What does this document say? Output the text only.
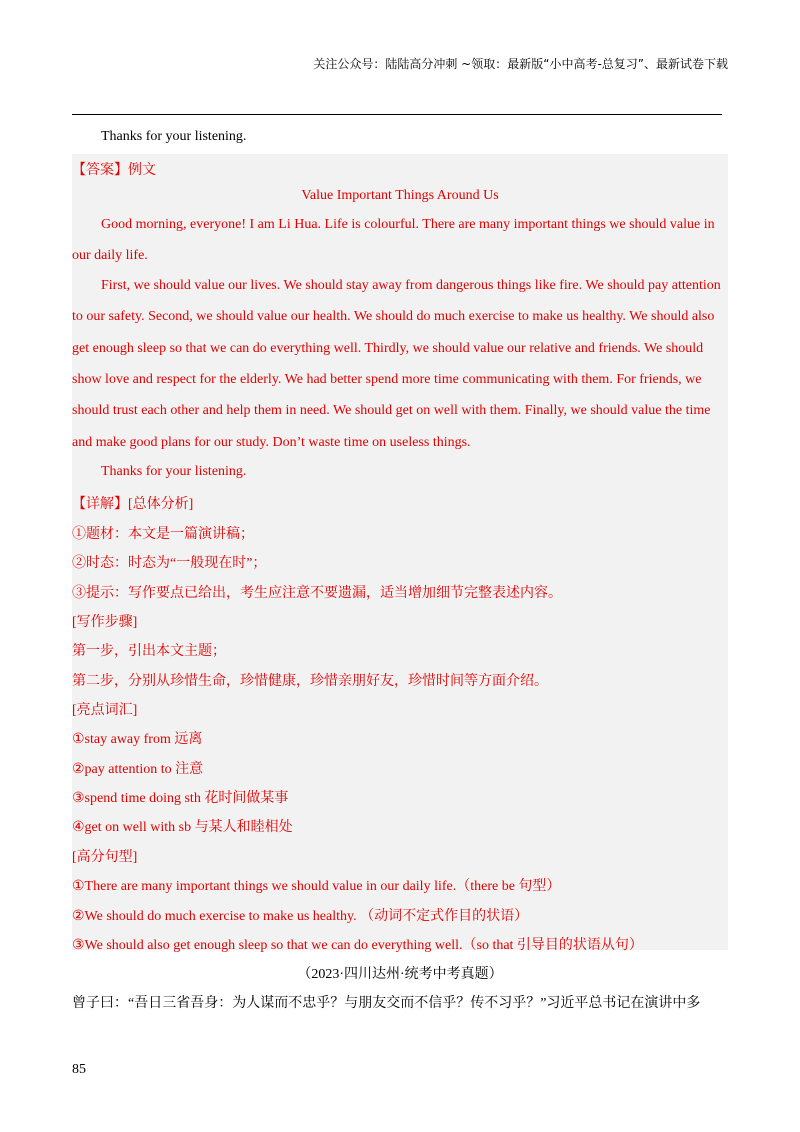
关注公众号：陆陆高分冲刺 ~领取：最新版“小中高考-总复习”、最新试卷下载
Thanks for your listening.
【答案】例文
Value Important Things Around Us
Good morning, everyone! I am Li Hua. Life is colourful. There are many important things we should value in
our daily life.
First, we should value our lives. We should stay away from dangerous things like fire. We should pay attention
to our safety. Second, we should value our health. We should do much exercise to make us healthy. We should also
get enough sleep so that we can do everything well. Thirdly, we should value our relative and friends. We should
show love and respect for the elderly. We had better spend more time communicating with them. For friends, we
should trust each other and help them in need. We should get on well with them. Finally, we should value the time
and make good plans for our study. Don’t waste time on useless things.
Thanks for your listening.
【详解】[总体分析]
①题材：本文是一篇演讲稿；
②时态：时态为“一般现在时”；
③提示：写作要点已给出，考生应注意不要遗漏，适当增加细节完整表述内容。
[写作步骤]
第一步，引出本文主题；
第二步，分别从珍惜生命，珍惜健康，珍惜亲朋好友，珍惜时间等方面介绍。
[亮点词汇]
①stay away from 远离
②pay attention to 注意
③spend time doing sth 花时间做某事
④get on well with sb 与某人和睦相处
[高分句型]
①There are many important things we should value in our daily life.（there be 句型）
②We should do much exercise to make us healthy. （动词不定式作目的状语）
③We should also get enough sleep so that we can do everything well.（so that 引导目的状语从句）
（2023·四川达州·统考中考真题）
曾子曰：“吾日三省吾身：为人谋而不忠乎？与朋友交而不信乎？传不习乎？”习近平总书记在演讲中多
85
